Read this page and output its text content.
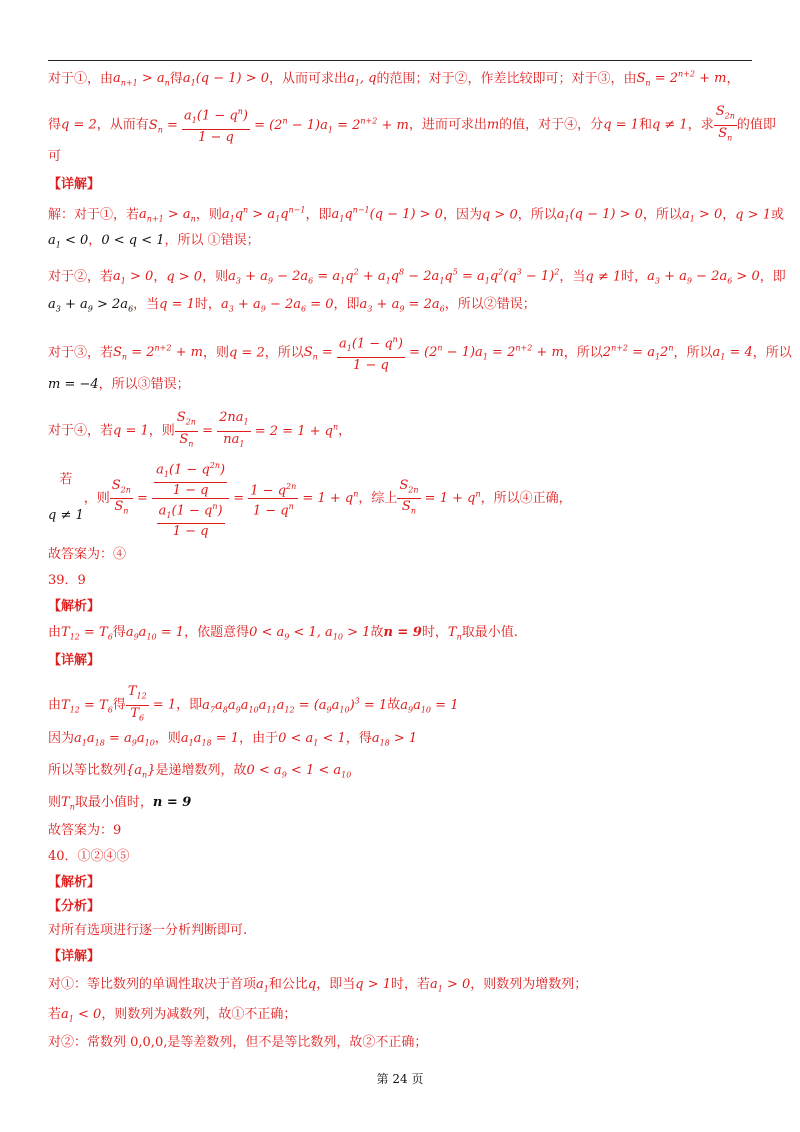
对于①，由$a_{n+1} > a_n$得$a_1(q - 1) > 0$，从而可求出$a_1$, q的范围；对于②，作差比较即可；对于③，由$S_n = 2^{n+2} + m$，
得q = 2，从而有$S_n = \frac{a_1(1 - q^n)}{1 - q} = (2^n - 1)a_1 = 2^{n+2} + m$，进而可求出m的值，对于④，分q = 1和q ≠ 1，求 $\frac{S_{2n}}{S_n}$ 的值即
可
【详解】
解：对于①，若$a_{n+1} > a_n$，则$a_1q^n > a_1q^{n-1}$，即$a_1q^{n-1}(q - 1) > 0$，因为q > 0，所以$a_1(q - 1) > 0$，所以$a_1 > 0$，q > 1或
$a_1 < 0$，0 < q < 1，所以 ①错误；
对于②，若$a_1 > 0$，q > 0，则$a_3 + a_9 - 2a_6 = a_1q^2 + a_1q^8 - 2a_1q^5 = a_1q^2(q^3 - 1)^2$，当q ≠ 1时，$a_3 + a_9 - 2a_6 > 0$，即
$a_3 + a_9 > 2a_6$，当q = 1时，$a_3 + a_9 - 2a_6 = 0$，即$a_3 + a_9 = 2a_6$，所以②错误；
对于③，若$S_n = 2^{n+2} + m$，则q = 2，所以$S_n = \frac{a_1(1 - q^n)}{1 - q} = (2^n - 1)a_1 = 2^{n+2} + m$，所以$2^{n+2} = a_12^n$，所以$a_1 = 4$，所以
m = −4，所以③错误；
对于④，若q = 1，则 $\frac{S_{2n}}{S_n} = \frac{2na_1}{na_1} = 2 = 1 + q^n$，
若
q ≠ 1
，则 $\frac{S_{2n}}{S_n} = \frac{\frac{a_1(1 - q^{2n})}{1 - q}}{\frac{a_1(1 - q^n)}{1 - q}} = \frac{1 - q^{2n}}{1 - q^n} = 1 + q^n$，综上 $\frac{S_{2n}}{S_n} = 1 + q^n$，所以④正确，
故答案为：④
39．9
【解析】
由$T_{12} = T_6$得$a_9a_{10} = 1$，依题意得$0 < a_9 < 1$, $a_{10} > 1$故n = 9时，$T_n$取最小值.
【详解】
由$T_{12} = T_6$得 $\frac{T_{12}}{T_6} = 1$，即$a_7a_8a_9a_{10}a_{11}a_{12} = (a_9a_{10})^3 = 1$故$a_9a_{10} = 1$
因为$a_1a_{18} = a_9a_{10}$，则$a_1a_{18} = 1$，由于$0 < a_1 < 1$，得$a_{18} > 1$
所以等比数列$\{a_n\}$是递增数列，故$0 < a_9 < 1 < a_{10}$
则$T_n$取最小值时，n = 9
故答案为：9
40．①②④⑤
【解析】
【分析】
对所有选项进行逐一分析判断即可.
【详解】
对①：等比数列的单调性取决于首项$a_1$和公比q，即当q > 1时，若$a_1 > 0$，则数列为增数列；
若$a_1 < 0$，则数列为减数列，故①不正确；
对②：常数列 0,0,0,是等差数列，但不是等比数列，故②不正确；
第 24 页
